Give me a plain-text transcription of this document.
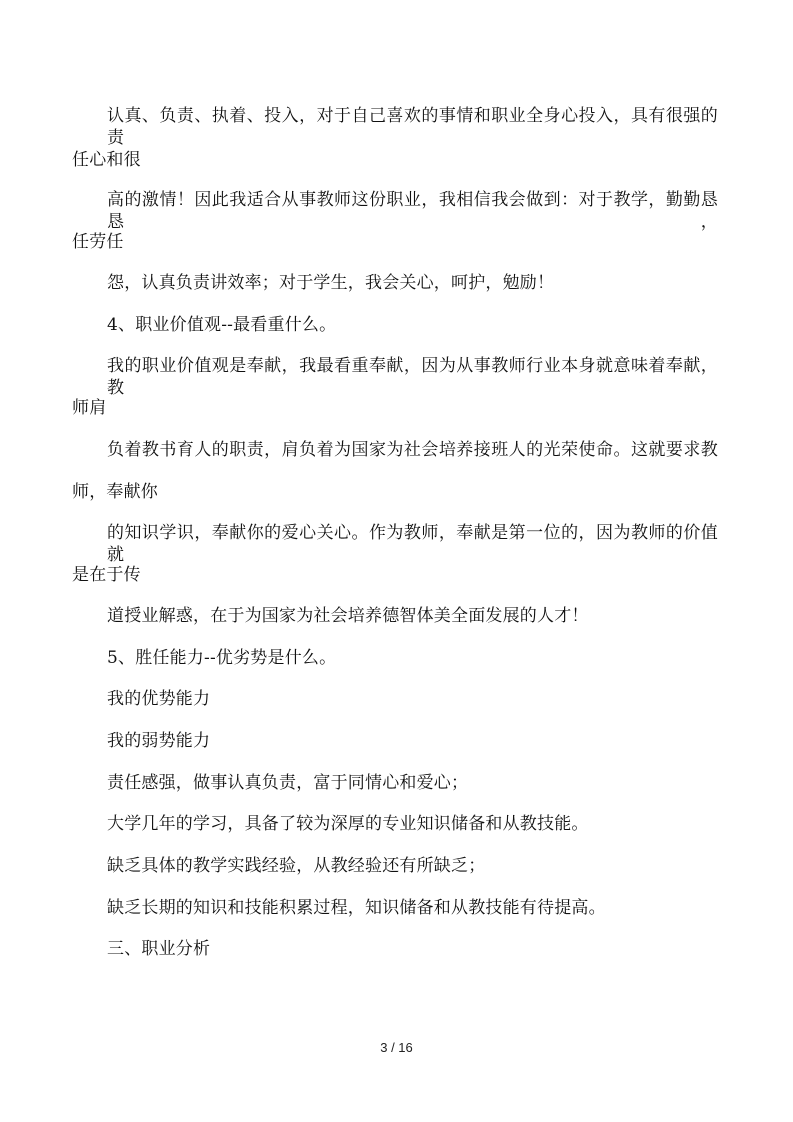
认真、负责、执着、投入，对于自己喜欢的事情和职业全身心投入，具有很强的责
任心和很
高的激情！因此我适合从事教师这份职业，我相信我会做到：对于教学，勤勤恳恳，
任劳任
怨，认真负责讲效率；对于学生，我会关心，呵护，勉励！
4、职业价值观--最看重什么。
我的职业价值观是奉献，我最看重奉献，因为从事教师行业本身就意味着奉献，教
师肩
负着教书育人的职责，肩负着为国家为社会培养接班人的光荣使命。这就要求教
师，奉献你
的知识学识，奉献你的爱心关心。作为教师，奉献是第一位的，因为教师的价值就
是在于传
道授业解惑，在于为国家为社会培养德智体美全面发展的人才！
5、胜任能力--优劣势是什么。
我的优势能力
我的弱势能力
责任感强，做事认真负责，富于同情心和爱心；
大学几年的学习，具备了较为深厚的专业知识储备和从教技能。
缺乏具体的教学实践经验，从教经验还有所缺乏；
缺乏长期的知识和技能积累过程，知识储备和从教技能有待提高。
三、职业分析
3 / 16
